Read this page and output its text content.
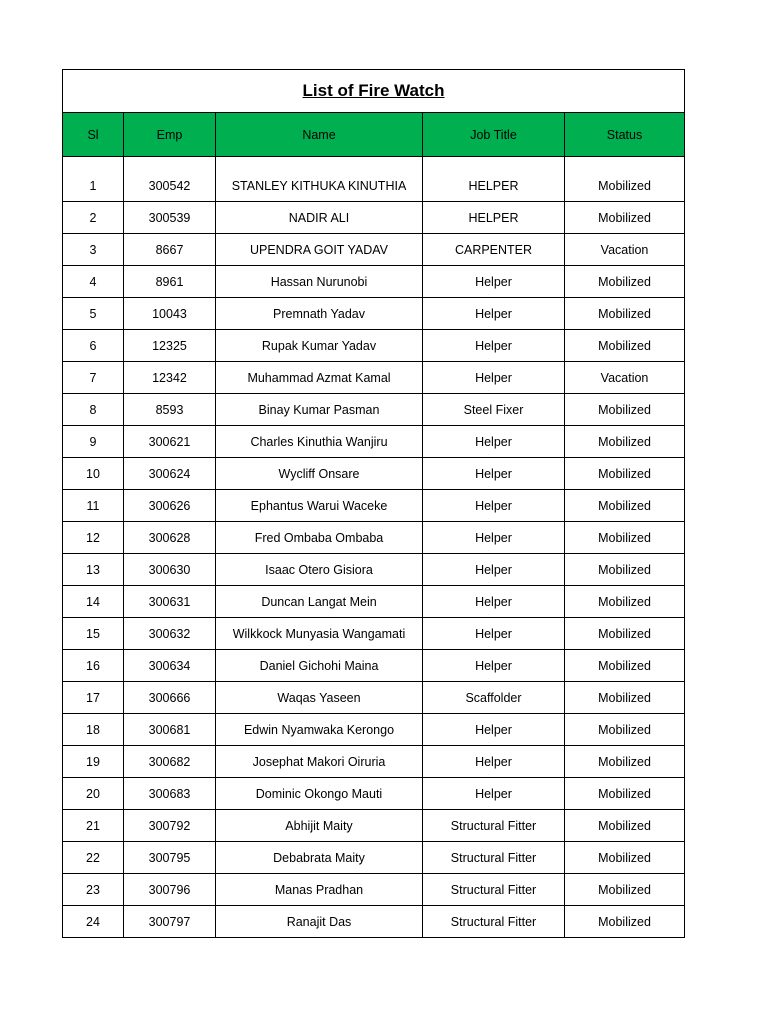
List of Fire Watch				
Sl	Emp	Name	Job Title	Status
1	300542	STANLEY KITHUKA KINUTHIA	HELPER	Mobilized
2	300539	NADIR ALI	HELPER	Mobilized
3	8667	UPENDRA GOIT YADAV	CARPENTER	Vacation
4	8961	Hassan Nurunobi	Helper	Mobilized
5	10043	Premnath Yadav	Helper	Mobilized
6	12325	Rupak Kumar Yadav	Helper	Mobilized
7	12342	Muhammad Azmat Kamal	Helper	Vacation
8	8593	Binay Kumar Pasman	Steel Fixer	Mobilized
9	300621	Charles Kinuthia Wanjiru	Helper	Mobilized
10	300624	Wycliff Onsare	Helper	Mobilized
11	300626	Ephantus Warui Waceke	Helper	Mobilized
12	300628	Fred Ombaba Ombaba	Helper	Mobilized
13	300630	Isaac Otero Gisiora	Helper	Mobilized
14	300631	Duncan Langat Mein	Helper	Mobilized
15	300632	Wilkkock Munyasia Wangamati	Helper	Mobilized
16	300634	Daniel Gichohi Maina	Helper	Mobilized
17	300666	Waqas Yaseen	Scaffolder	Mobilized
18	300681	Edwin Nyamwaka Kerongo	Helper	Mobilized
19	300682	Josephat Makori Oiruria	Helper	Mobilized
20	300683	Dominic Okongo Mauti	Helper	Mobilized
21	300792	Abhijit Maity	Structural Fitter	Mobilized
22	300795	Debabrata Maity	Structural Fitter	Mobilized
23	300796	Manas Pradhan	Structural Fitter	Mobilized
24	300797	Ranajit Das	Structural Fitter	Mobilized
